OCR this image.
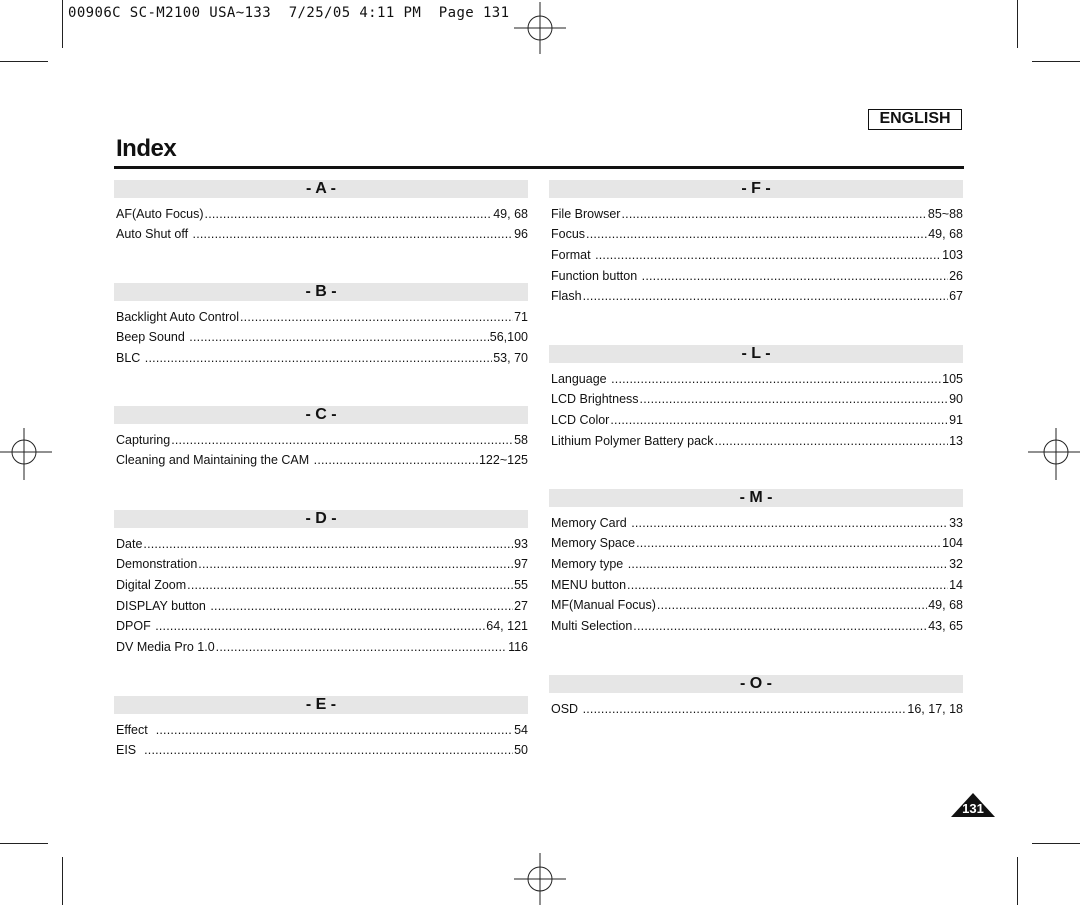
00906C SC-M2100 USA~133  7/25/05 4:11 PM  Page 131
ENGLISH
Index
- A -
AF(Auto Focus) .....	49, 68
Auto Shut off .....	96
- B -
Backlight Auto Control .....	71
Beep Sound .....	56,100
BLC .....	53, 70
- C -
Capturing .....	58
Cleaning and Maintaining the CAM .....	122~125
- D -
Date .....	93
Demonstration .....	97
Digital Zoom .....	55
DISPLAY button .....	27
DPOF .....	64, 121
DV Media Pro 1.0 .....	116
- E -
Effect .....	54
EIS .....	50
- F -
File Browser .....	85~88
Focus .....	49, 68
Format .....	103
Function button .....	26
Flash .....	67
- L -
Language .....	105
LCD Brightness .....	90
LCD Color .....	91
Lithium Polymer Battery pack .....	13
- M -
Memory Card .....	33
Memory Space .....	104
Memory type .....	32
MENU button .....	14
MF(Manual Focus) .....	49, 68
Multi Selection .....	43, 65
- O -
OSD .....	16, 17, 18
131
